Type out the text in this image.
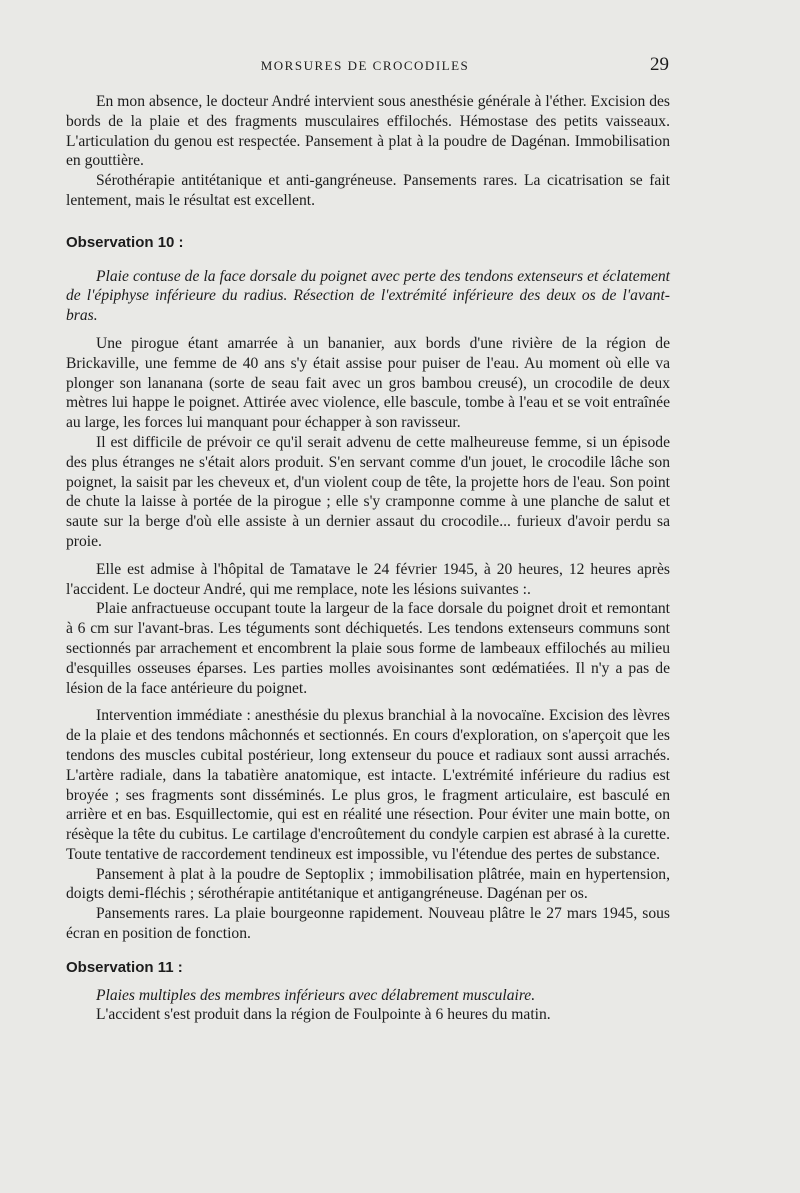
MORSURES DE CROCODILES	29

En mon absence, le docteur André intervient sous anesthésie générale à l'éther. Excision des bords de la plaie et des fragments musculaires effilochés. Hémostase des petits vaisseaux. L'articulation du genou est respectée. Pansement à plat à la poudre de Dagénan. Immobilisation en gouttière.

Sérothérapie antitétanique et anti-gangréneuse. Pansements rares. La cicatrisation se fait lentement, mais le résultat est excellent.

Observation 10 :

Plaie contuse de la face dorsale du poignet avec perte des tendons extenseurs et éclatement de l'épiphyse inférieure du radius. Résection de l'extrémité inférieure des deux os de l'avant-bras.

Une pirogue étant amarrée à un bananier, aux bords d'une rivière de la région de Brickaville, une femme de 40 ans s'y était assise pour puiser de l'eau. Au moment où elle va plonger son lananana (sorte de seau fait avec un gros bambou creusé), un crocodile de deux mètres lui happe le poignet. Attirée avec violence, elle bascule, tombe à l'eau et se voit entraînée au large, les forces lui manquant pour échapper à son ravisseur.

Il est difficile de prévoir ce qu'il serait advenu de cette malheureuse femme, si un épisode des plus étranges ne s'était alors produit. S'en servant comme d'un jouet, le crocodile lâche son poignet, la saisit par les cheveux et, d'un violent coup de tête, la projette hors de l'eau. Son point de chute la laisse à portée de la pirogue ; elle s'y cramponne comme à une planche de salut et saute sur la berge d'où elle assiste à un dernier assaut du crocodile... furieux d'avoir perdu sa proie.

Elle est admise à l'hôpital de Tamatave le 24 février 1945, à 20 heures, 12 heures après l'accident. Le docteur André, qui me remplace, note les lésions suivantes :.

Plaie anfractueuse occupant toute la largeur de la face dorsale du poignet droit et remontant à 6 cm sur l'avant-bras. Les téguments sont déchiquetés. Les tendons extenseurs communs sont sectionnés par arrachement et encombrent la plaie sous forme de lambeaux effilochés au milieu d'esquilles osseuses éparses. Les parties molles avoisinantes sont œdématiées. Il n'y a pas de lésion de la face antérieure du poignet.

Intervention immédiate : anesthésie du plexus branchial à la novocaïne. Excision des lèvres de la plaie et des tendons mâchonnés et sectionnés. En cours d'exploration, on s'aperçoit que les tendons des muscles cubital postérieur, long extenseur du pouce et radiaux sont aussi arrachés. L'artère radiale, dans la tabatière anatomique, est intacte. L'extrémité inférieure du radius est broyée ; ses fragments sont disséminés. Le plus gros, le fragment articulaire, est basculé en arrière et en bas. Esquillectomie, qui est en réalité une résection. Pour éviter une main botte, on résèque la tête du cubitus. Le cartilage d'encroûtement du condyle carpien est abrasé à la curette. Toute tentative de raccordement tendineux est impossible, vu l'étendue des pertes de substance.

Pansement à plat à la poudre de Septoplix ; immobilisation plâtrée, main en hypertension, doigts demi-fléchis ; sérothérapie antitétanique et antigangréneuse. Dagénan per os.

Pansements rares. La plaie bourgeonne rapidement. Nouveau plâtre le 27 mars 1945, sous écran en position de fonction.

Observation 11 :

Plaies multiples des membres inférieurs avec délabrement musculaire.

L'accident s'est produit dans la région de Foulpointe à 6 heures du matin.
